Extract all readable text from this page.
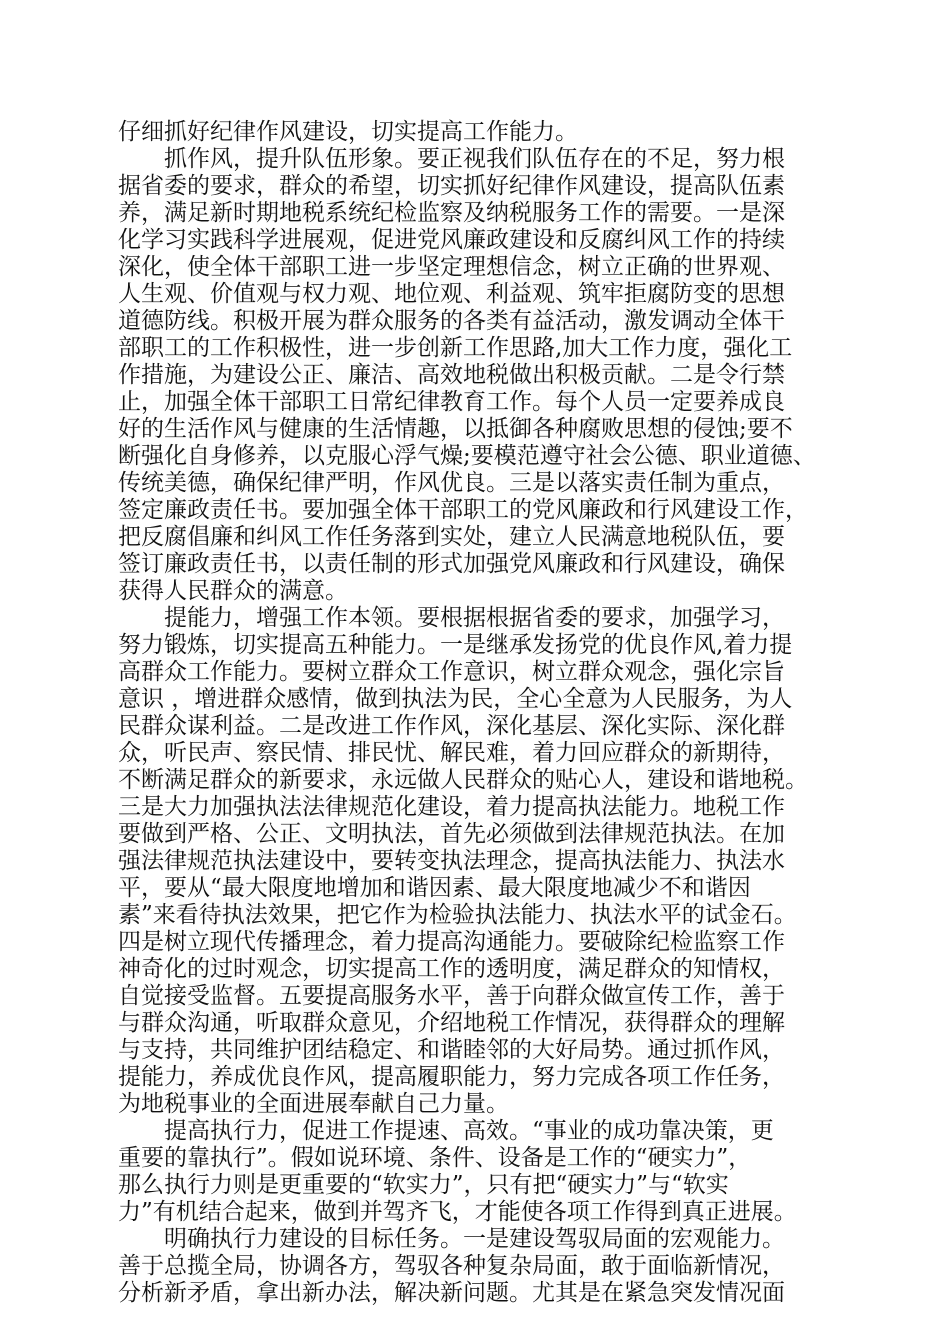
仔细抓好纪律作风建设，切实提高工作能力。
　　抓作风，提升队伍形象。要正视我们队伍存在的不足，努力根
据省委的要求，群众的希望，切实抓好纪律作风建设，提高队伍素
养，满足新时期地税系统纪检监察及纳税服务工作的需要。一是深
化学习实践科学进展观，促进党风廉政建设和反腐纠风工作的持续
深化，使全体干部职工进一步坚定理想信念，树立正确的世界观、
人生观、价值观与权力观、地位观、利益观、筑牢拒腐防变的思想
道德防线。积极开展为群众服务的各类有益活动，激发调动全体干
部职工的工作积极性，进一步创新工作思路,加大工作力度，强化工
作措施，为建设公正、廉洁、高效地税做出积极贡献。二是令行禁
止，加强全体干部职工日常纪律教育工作。每个人员一定要养成良
好的生活作风与健康的生活情趣，以抵御各种腐败思想的侵蚀;要不
断强化自身修养，以克服心浮气燥;要模范遵守社会公德、职业道德、
传统美德，确保纪律严明，作风优良。三是以落实责任制为重点，
签定廉政责任书。要加强全体干部职工的党风廉政和行风建设工作，
把反腐倡廉和纠风工作任务落到实处，建立人民满意地税队伍，要
签订廉政责任书，以责任制的形式加强党风廉政和行风建设，确保
获得人民群众的满意。
　　提能力，增强工作本领。要根据根据省委的要求，加强学习，
努力锻炼，切实提高五种能力。一是继承发扬党的优良作风,着力提
高群众工作能力。要树立群众工作意识，树立群众观念，强化宗旨
意识 ，增进群众感情，做到执法为民，全心全意为人民服务，为人
民群众谋利益。二是改进工作作风，深化基层、深化实际、深化群
众，听民声、察民情、排民忧、解民难，着力回应群众的新期待，
不断满足群众的新要求，永远做人民群众的贴心人，建设和谐地税。
三是大力加强执法法律规范化建设，着力提高执法能力。地税工作
要做到严格、公正、文明执法，首先必须做到法律规范执法。在加
强法律规范执法建设中，要转变执法理念，提高执法能力、执法水
平，要从“最大限度地增加和谐因素、最大限度地减少不和谐因
素”来看待执法效果，把它作为检验执法能力、执法水平的试金石。
四是树立现代传播理念，着力提高沟通能力。要破除纪检监察工作
神奇化的过时观念，切实提高工作的透明度，满足群众的知情权，
自觉接受监督。五要提高服务水平，善于向群众做宣传工作，善于
与群众沟通，听取群众意见，介绍地税工作情况，获得群众的理解
与支持，共同维护团结稳定、和谐睦邻的大好局势。通过抓作风，
提能力，养成优良作风，提高履职能力，努力完成各项工作任务，
为地税事业的全面进展奉献自己力量。
　　提高执行力，促进工作提速、高效。“事业的成功靠决策，更
重要的靠执行”。假如说环境、条件、设备是工作的“硬实力”，
那么执行力则是更重要的“软实力”，只有把“硬实力”与“软实
力”有机结合起来，做到并驾齐飞，才能使各项工作得到真正进展。
　　明确执行力建设的目标任务。一是建设驾驭局面的宏观能力。
善于总揽全局，协调各方，驾驭各种复杂局面，敢于面临新情况，
分析新矛盾，拿出新办法，解决新问题。尤其是在紧急突发情况面
